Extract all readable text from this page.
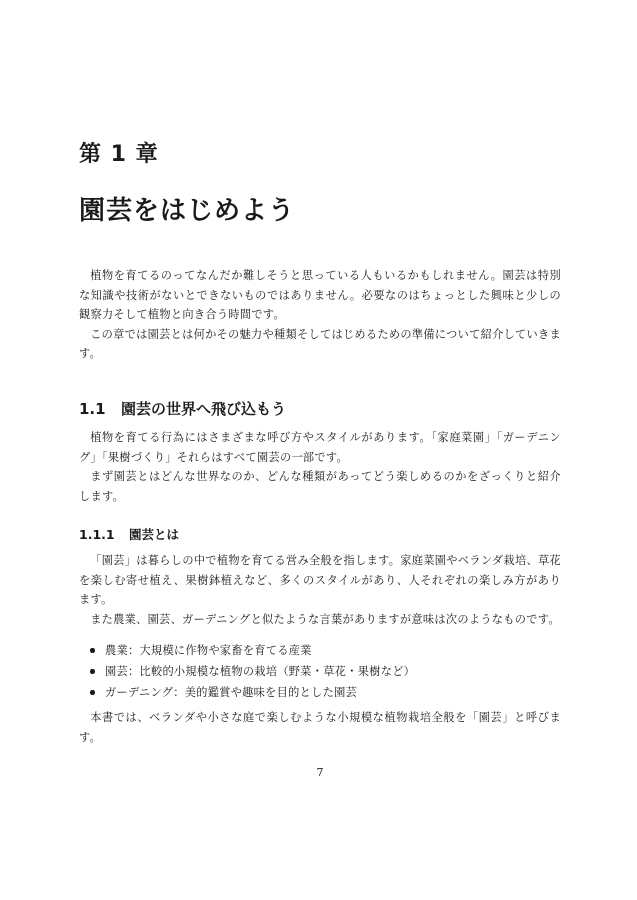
第 1 章
園芸をはじめよう

植物を育てるのってなんだか難しそうと思っている人もいるかもしれません。園芸は特別な知識や技術がないとできないものではありません。必要なのはちょっとした興味と少しの観察力そして植物と向き合う時間です。

この章では園芸とは何かその魅力や種類そしてはじめるための準備について紹介していきます。

1.1 園芸の世界へ飛び込もう

植物を育てる行為にはさまざまな呼び方やスタイルがあります。「家庭菜園」「ガーデニング」「果樹づくり」それらはすべて園芸の一部です。

まず園芸とはどんな世界なのか、どんな種類があってどう楽しめるのかをざっくりと紹介します。

1.1.1 園芸とは

「園芸」は暮らしの中で植物を育てる営み全般を指します。家庭菜園やベランダ栽培、草花を楽しむ寄せ植え、果樹鉢植えなど、多くのスタイルがあり、人それぞれの楽しみ方があります。

また農業、園芸、ガーデニングと似たような言葉がありますが意味は次のようなものです。

農業：大規模に作物や家畜を育てる産業
園芸：比較的小規模な植物の栽培（野菜・草花・果樹など）
ガーデニング：美的鑑賞や趣味を目的とした園芸

本書では、ベランダや小さな庭で楽しむような小規模な植物栽培全般を「園芸」と呼びます。

7
